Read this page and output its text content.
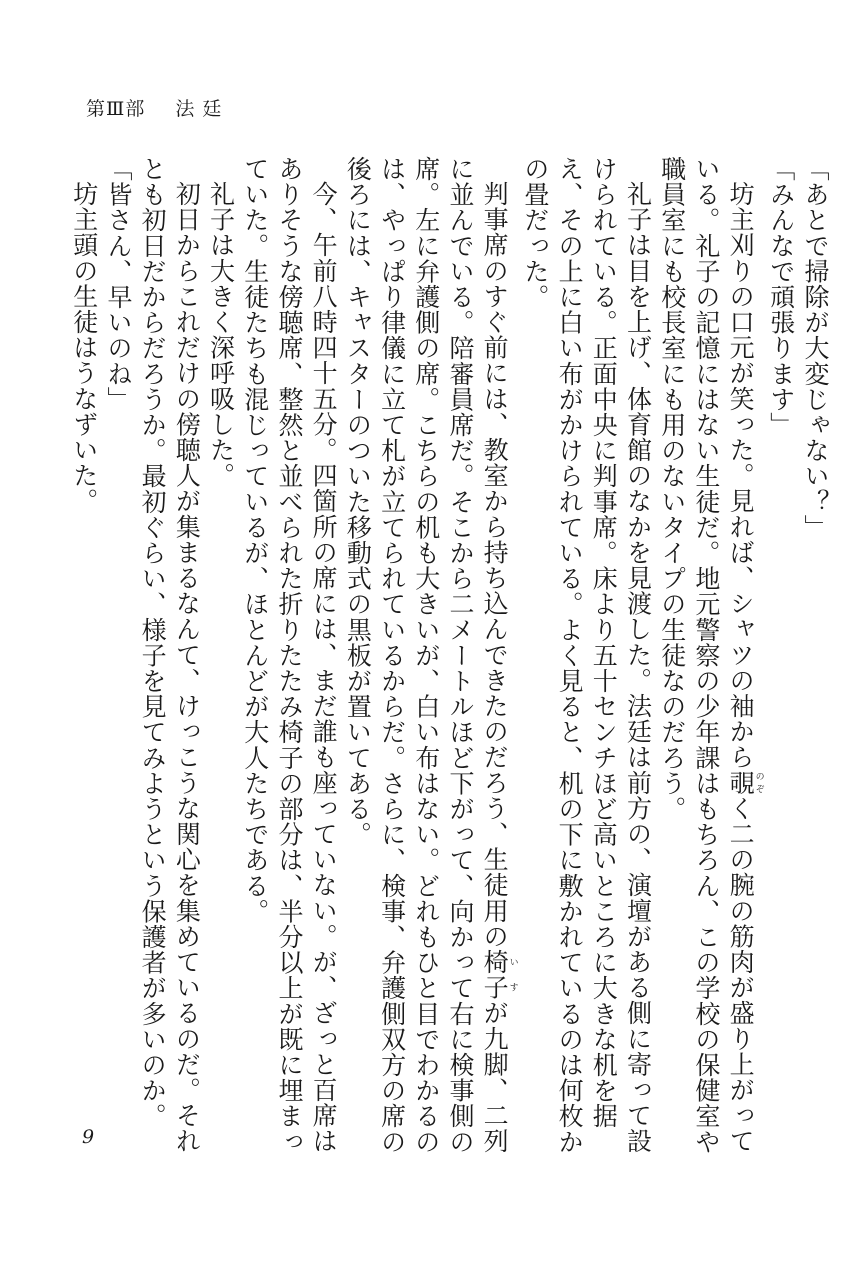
第Ⅲ部 法廷

「あとで掃除が大変じゃない？」

「みんなで頑張ります」

坊主刈りの口元が笑った。見れば、シャツの袖から覗のぞく二の腕の筋肉が盛り上がっている。礼子の記憶にはない生徒だ。地元警察の少年課はもちろん、この学校の保健室や職員室にも校長室にも用のないタイプの生徒なのだろう。

礼子は目を上げ、体育館のなかを見渡した。法廷は前方の、演壇がある側に寄って設けられている。正面中央に判事席。床より五十センチほど高いところに大きな机を据え、その上に白い布がかけられている。よく見ると、机の下に敷かれているのは何枚かの畳だった。

判事席のすぐ前には、教室から持ち込んできたのだろう、生徒用の椅子いすが九脚、二列に並んでいる。陪審員席だ。そこから二メートルほど下がって、向かって右に検事側の席。左に弁護側の席。こちらの机も大きいが、白い布はない。どれもひと目でわかるのは、やっぱり律儀に立て札が立てられているからだ。さらに、検事、弁護側双方の席の後ろには、キャスターのついた移動式の黒板が置いてある。

今、午前八時四十五分。四箇所の席には、まだ誰も座っていない。が、ざっと百席はありそうな傍聴席、整然と並べられた折りたたみ椅子の部分は、半分以上が既に埋まっていた。生徒たちも混じっているが、ほとんどが大人たちである。

礼子は大きく深呼吸した。

初日からこれだけの傍聴人が集まるなんて、けっこうな関心を集めているのだ。それとも初日だからだろうか。最初ぐらい、様子を見てみようという保護者が多いのか。

「皆さん、早いのね」

坊主頭の生徒はうなずいた。

9
